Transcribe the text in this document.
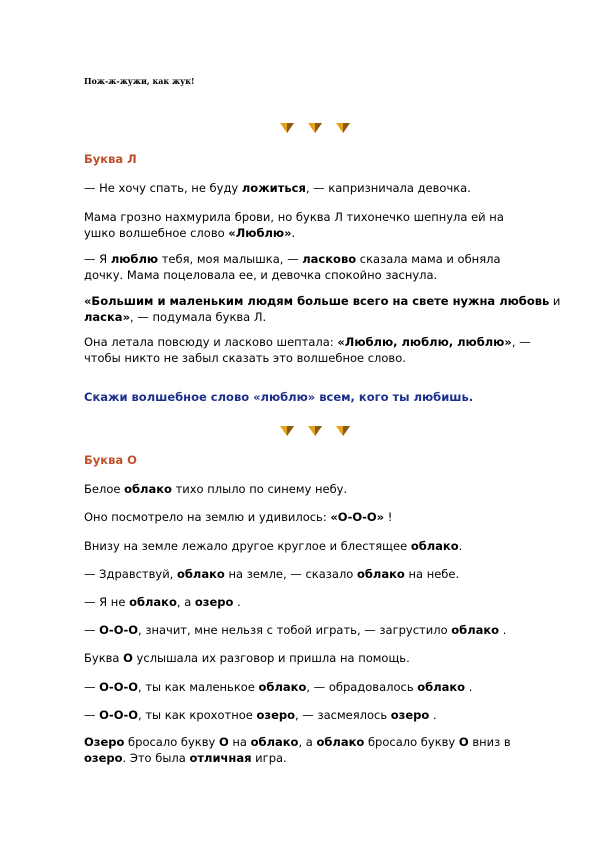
Пож-ж-жужи, как жук!
Буква Л
— Не хочу спать, не буду ложиться, — капризничала девочка.
Мама грозно нахмурила брови, но буква Л тихонечко шепнула ей на
ушко волшебное слово «Люблю».
— Я люблю тебя, моя малышка, — ласково сказала мама и обняла
дочку. Мама поцеловала ее, и девочка спокойно заснула.
«Большим и маленьким людям больше всего на свете нужна любовь и
ласка», — подумала буква Л.
Она летала повсюду и ласково шептала: «Люблю, люблю, люблю», —
чтобы никто не забыл сказать это волшебное слово.
Скажи волшебное слово «люблю» всем, кого ты любишь.
Буква О
Белое облако тихо плыло по синему небу.
Оно посмотрело на землю и удивилось: «О-О-О» !
Внизу на земле лежало другое круглое и блестящее облако.
— Здравствуй, облако на земле, — сказало облако на небе.
— Я не облако, а озеро .
— О-О-О, значит, мне нельзя с тобой играть, — загрустило облако .
Буква О услышала их разговор и пришла на помощь.
— О-О-О, ты как маленькое облако, — обрадовалось облако .
— О-О-О, ты как крохотное озеро, — засмеялось озеро .
Озеро бросало букву О на облако, а облако бросало букву О вниз в
озеро. Это была отличная игра.
